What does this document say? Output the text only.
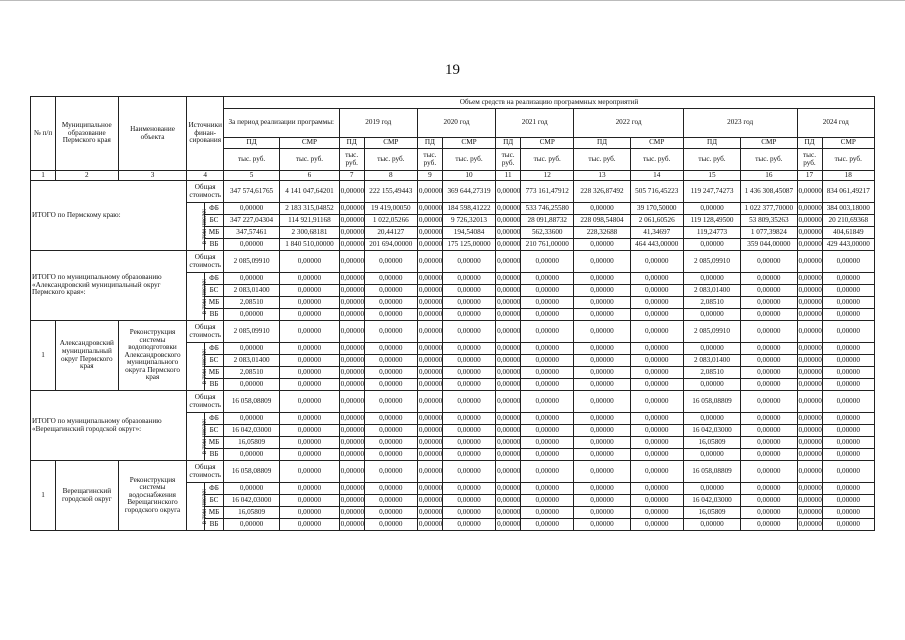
19
№ п/п	Муниципальное образование Пермского края	Наименование объекта	Источники финан-сирования		Объем средств на реализацию программных мероприятий													
					За период реализации программы:		2019 год		2020 год		2021 год		2022 год		2023 год		2024 год	
					ПД	СМР	ПД	СМР	ПД	СМР	ПД	СМР	ПД	СМР	ПД	СМР	ПД	СМР
					тыс. руб.	тыс. руб.	тыс. руб.	тыс. руб.	тыс. руб.	тыс. руб.	тыс. руб.	тыс. руб.	тыс. руб.	тыс. руб.	тыс. руб.	тыс. руб.	тыс. руб.	тыс. руб.
1	2	3	4		5	6	7	8	9	10	11	12	13	14	15	16	17	18
ИТОГО по Пермскому краю:			Общая стоимость		347 574,61765	4 141 047,64201	0,00000	222 155,49443	0,00000	369 644,27319	0,00000	773 161,47912	228 326,87492	505 716,45223	119 247,74273	1 436 308,45087	0,00000	834 061,49217
			в том числе:	ФБ	0,00000	2 183 315,04852	0,00000	19 419,00050	0,00000	184 598,41222	0,00000	533 746,25580	0,00000	39 170,50000	0,00000	1 022 377,70000	0,00000	384 003,18000
				БС	347 227,04304	114 921,91168	0,00000	1 022,05266	0,00000	9 726,32013	0,00000	28 091,88732	228 098,54804	2 061,60526	119 128,49500	53 809,35263	0,00000	20 210,69368
				МБ	347,57461	2 300,68181	0,00000	20,44127	0,00000	194,54084	0,00000	562,33600	228,32688	41,34697	119,24773	1 077,39824	0,00000	404,61849
				ВБ	0,00000	1 840 510,00000	0,00000	201 694,00000	0,00000	175 125,00000	0,00000	210 761,00000	0,00000	464 443,00000	0,00000	359 044,00000	0,00000	429 443,00000
ИТОГО по муниципальному образованию «Александровский муниципальный округ Пермского края»:			Общая стоимость		2 085,09910	0,00000	0,00000	0,00000	0,00000	0,00000	0,00000	0,00000	0,00000	0,00000	2 085,09910	0,00000	0,00000	0,00000
			в том числе:	ФБ	0,00000	0,00000	0,00000	0,00000	0,00000	0,00000	0,00000	0,00000	0,00000	0,00000	0,00000	0,00000	0,00000	0,00000
				БС	2 083,01400	0,00000	0,00000	0,00000	0,00000	0,00000	0,00000	0,00000	0,00000	0,00000	2 083,01400	0,00000	0,00000	0,00000
				МБ	2,08510	0,00000	0,00000	0,00000	0,00000	0,00000	0,00000	0,00000	0,00000	0,00000	2,08510	0,00000	0,00000	0,00000
				ВБ	0,00000	0,00000	0,00000	0,00000	0,00000	0,00000	0,00000	0,00000	0,00000	0,00000	0,00000	0,00000	0,00000	0,00000
1	Александровский муниципальный округ Пермского края	Реконструкция системы водоподготовки Александровского муниципального округа Пермского края	Общая стоимость		2 085,09910	0,00000	0,00000	0,00000	0,00000	0,00000	0,00000	0,00000	0,00000	0,00000	2 085,09910	0,00000	0,00000	0,00000
			в том числе:	ФБ	0,00000	0,00000	0,00000	0,00000	0,00000	0,00000	0,00000	0,00000	0,00000	0,00000	0,00000	0,00000	0,00000	0,00000
				БС	2 083,01400	0,00000	0,00000	0,00000	0,00000	0,00000	0,00000	0,00000	0,00000	0,00000	2 083,01400	0,00000	0,00000	0,00000
				МБ	2,08510	0,00000	0,00000	0,00000	0,00000	0,00000	0,00000	0,00000	0,00000	0,00000	2,08510	0,00000	0,00000	0,00000
				ВБ	0,00000	0,00000	0,00000	0,00000	0,00000	0,00000	0,00000	0,00000	0,00000	0,00000	0,00000	0,00000	0,00000	0,00000
ИТОГО по муниципальному образованию «Верещагинский городской округ»:			Общая стоимость		16 058,08809	0,00000	0,00000	0,00000	0,00000	0,00000	0,00000	0,00000	0,00000	0,00000	16 058,08809	0,00000	0,00000	0,00000
			в том числе:	ФБ	0,00000	0,00000	0,00000	0,00000	0,00000	0,00000	0,00000	0,00000	0,00000	0,00000	0,00000	0,00000	0,00000	0,00000
				БС	16 042,03000	0,00000	0,00000	0,00000	0,00000	0,00000	0,00000	0,00000	0,00000	0,00000	16 042,03000	0,00000	0,00000	0,00000
				МБ	16,05809	0,00000	0,00000	0,00000	0,00000	0,00000	0,00000	0,00000	0,00000	0,00000	16,05809	0,00000	0,00000	0,00000
				ВБ	0,00000	0,00000	0,00000	0,00000	0,00000	0,00000	0,00000	0,00000	0,00000	0,00000	0,00000	0,00000	0,00000	0,00000
1	Верещагинский городской округ	Реконструкция системы водоснабжения Верещагинского городского округа	Общая стоимость		16 058,08809	0,00000	0,00000	0,00000	0,00000	0,00000	0,00000	0,00000	0,00000	0,00000	16 058,08809	0,00000	0,00000	0,00000
			в том числе:	ФБ	0,00000	0,00000	0,00000	0,00000	0,00000	0,00000	0,00000	0,00000	0,00000	0,00000	0,00000	0,00000	0,00000	0,00000
				БС	16 042,03000	0,00000	0,00000	0,00000	0,00000	0,00000	0,00000	0,00000	0,00000	0,00000	16 042,03000	0,00000	0,00000	0,00000
				МБ	16,05809	0,00000	0,00000	0,00000	0,00000	0,00000	0,00000	0,00000	0,00000	0,00000	16,05809	0,00000	0,00000	0,00000
				ВБ	0,00000	0,00000	0,00000	0,00000	0,00000	0,00000	0,00000	0,00000	0,00000	0,00000	0,00000	0,00000	0,00000	0,00000
